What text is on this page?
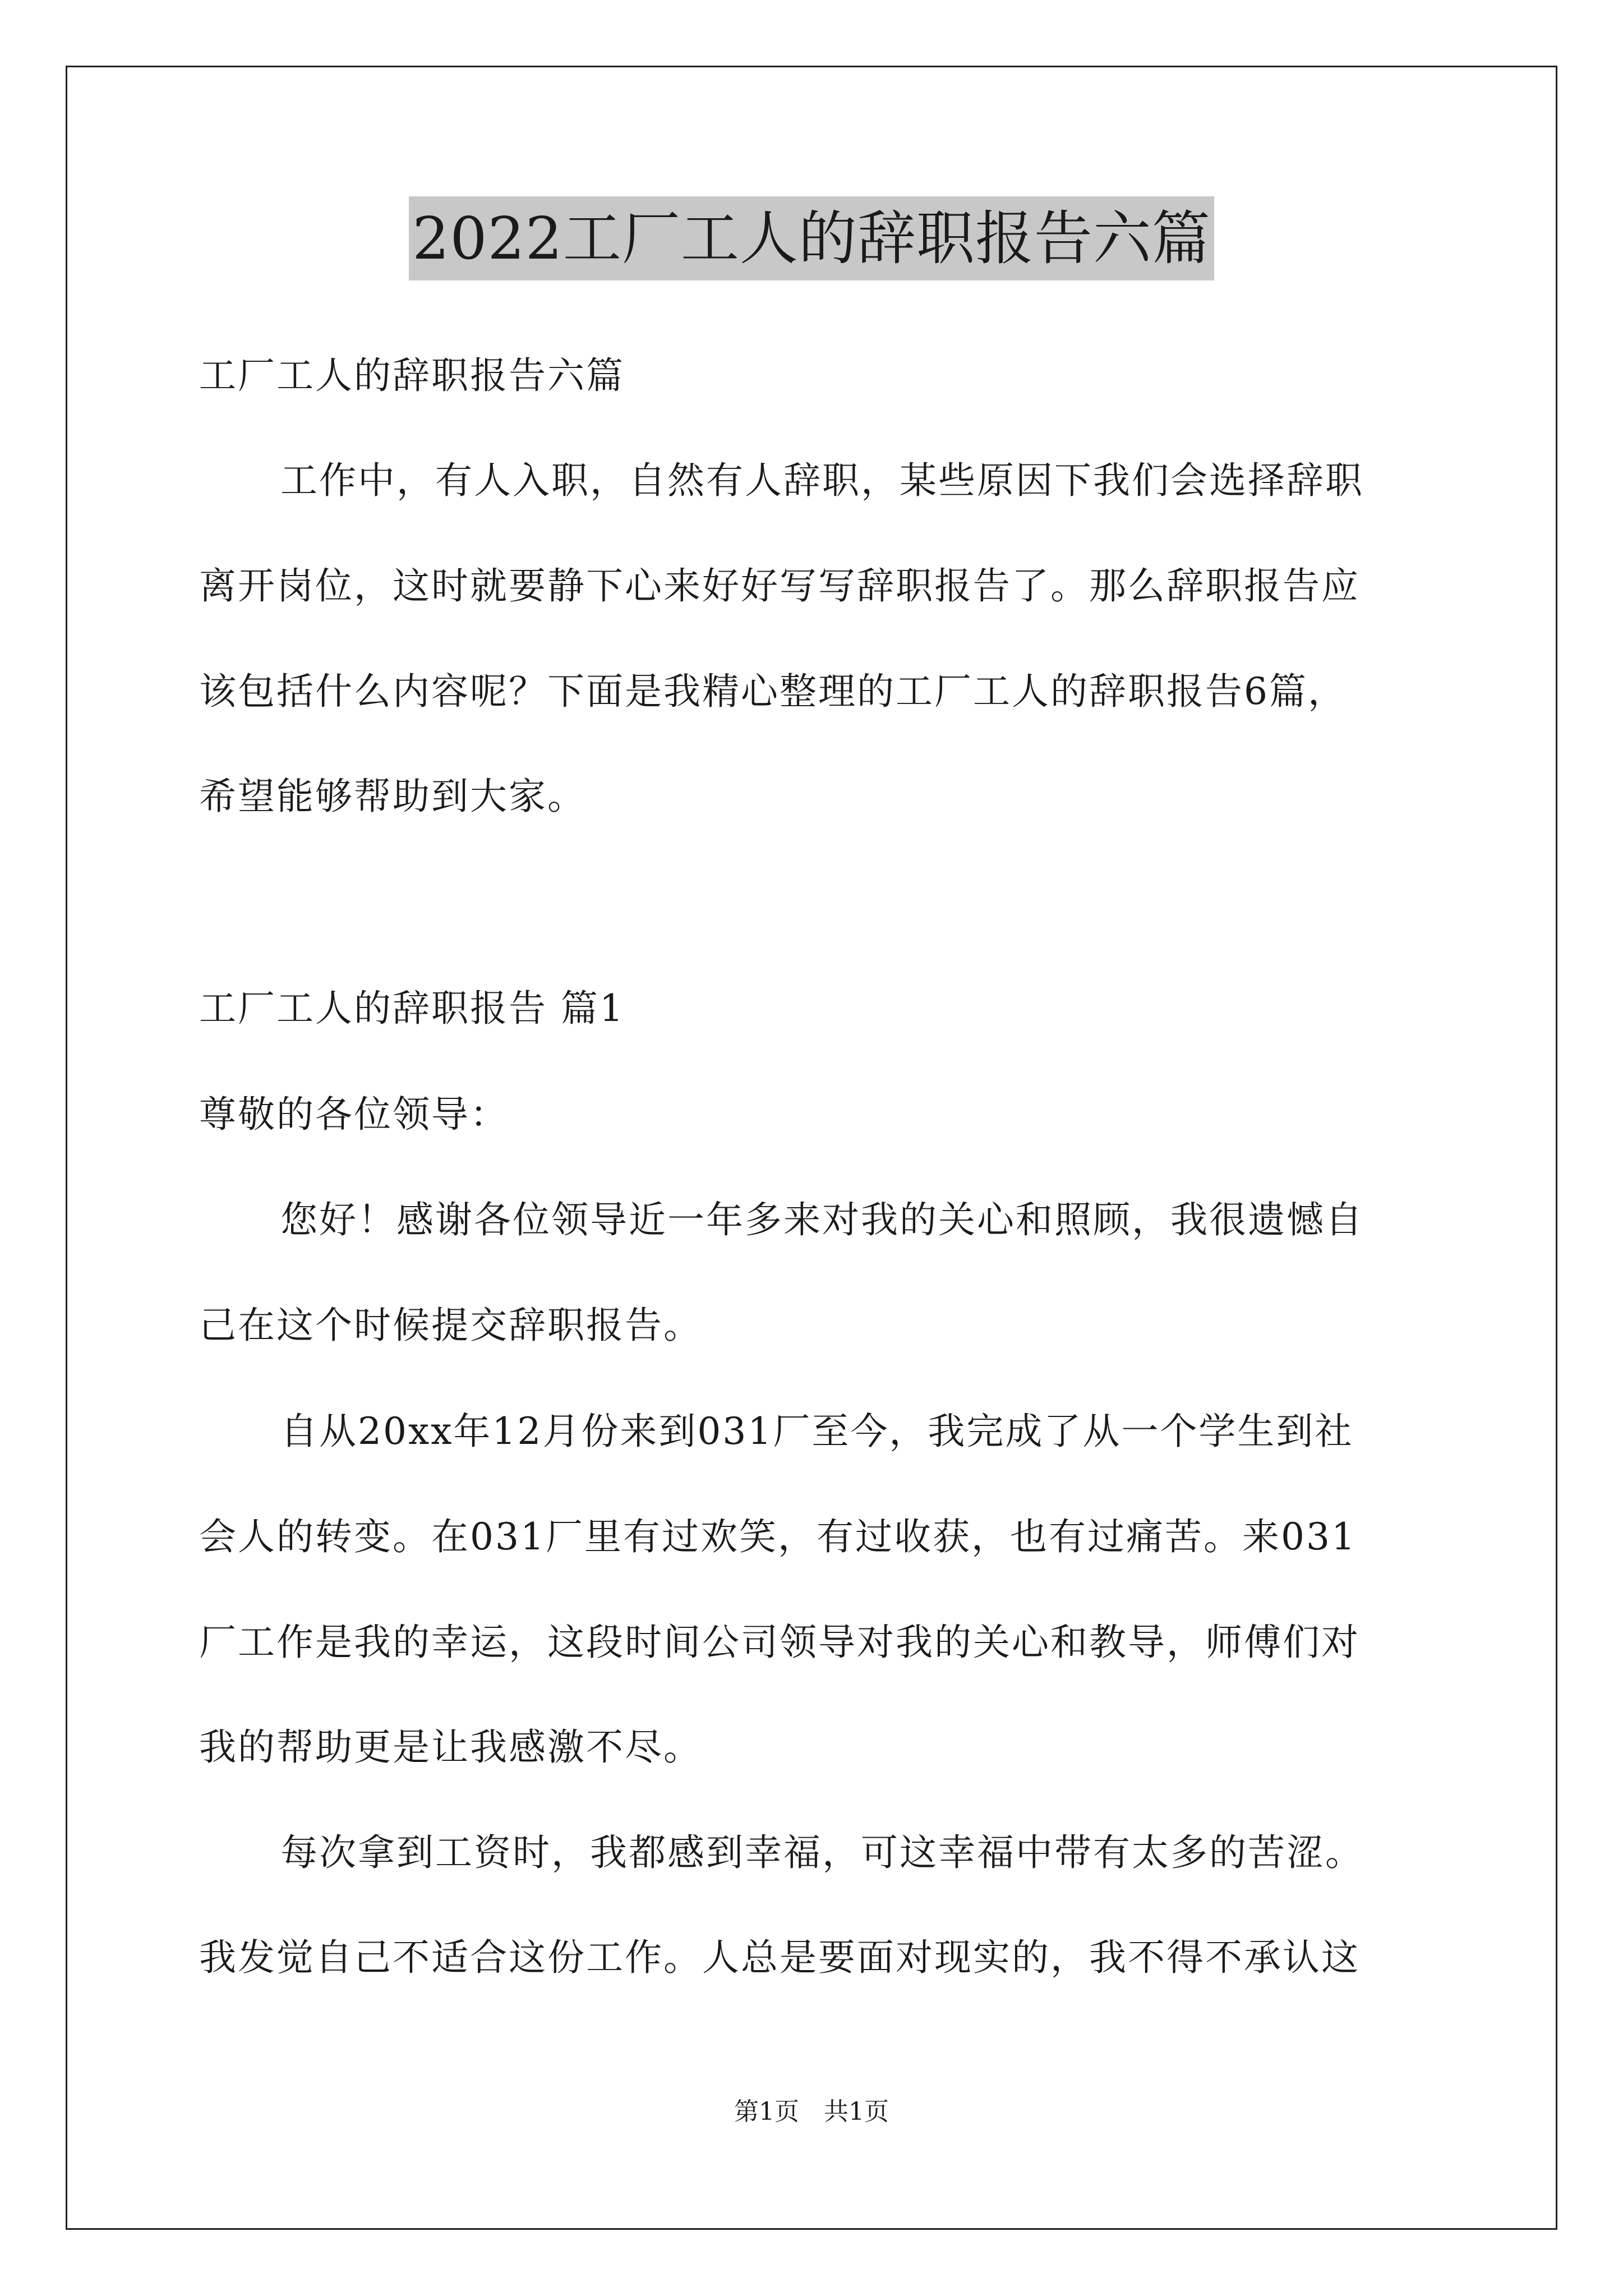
2022工厂工人的辞职报告六篇
工厂工人的辞职报告六篇
工作中，有人入职，自然有人辞职，某些原因下我们会选择辞职
离开岗位，这时就要静下心来好好写写辞职报告了。那么辞职报告应
该包括什么内容呢？下面是我精心整理的工厂工人的辞职报告6篇，
希望能够帮助到大家。
工厂工人的辞职报告 篇1
尊敬的各位领导：
您好！感谢各位领导近一年多来对我的关心和照顾，我很遗憾自
己在这个时候提交辞职报告。
自从20xx年12月份来到031厂至今，我完成了从一个学生到社
会人的转变。在031厂里有过欢笑，有过收获，也有过痛苦。来031
厂工作是我的幸运，这段时间公司领导对我的关心和教导，师傅们对
我的帮助更是让我感激不尽。
每次拿到工资时，我都感到幸福，可这幸福中带有太多的苦涩。
我发觉自己不适合这份工作。人总是要面对现实的，我不得不承认这
第1页　共1页
